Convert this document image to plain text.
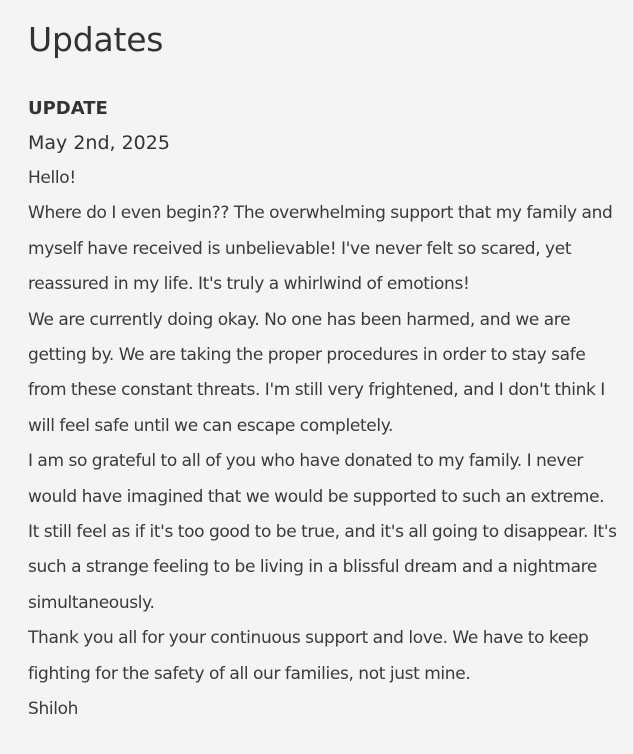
Updates
UPDATE
May 2nd, 2025

Hello!

Where do I even begin?? The overwhelming support that my family and myself have received is unbelievable! I've never felt so scared, yet reassured in my life. It's truly a whirlwind of emotions!

We are currently doing okay. No one has been harmed, and we are getting by. We are taking the proper procedures in order to stay safe from these constant threats. I'm still very frightened, and I don't think I will feel safe until we can escape completely.

I am so grateful to all of you who have donated to my family. I never would have imagined that we would be supported to such an extreme. It still feel as if it's too good to be true, and it's all going to disappear. It's such a strange feeling to be living in a blissful dream and a nightmare simultaneously.

Thank you all for your continuous support and love. We have to keep fighting for the safety of all our families, not just mine.

Shiloh
